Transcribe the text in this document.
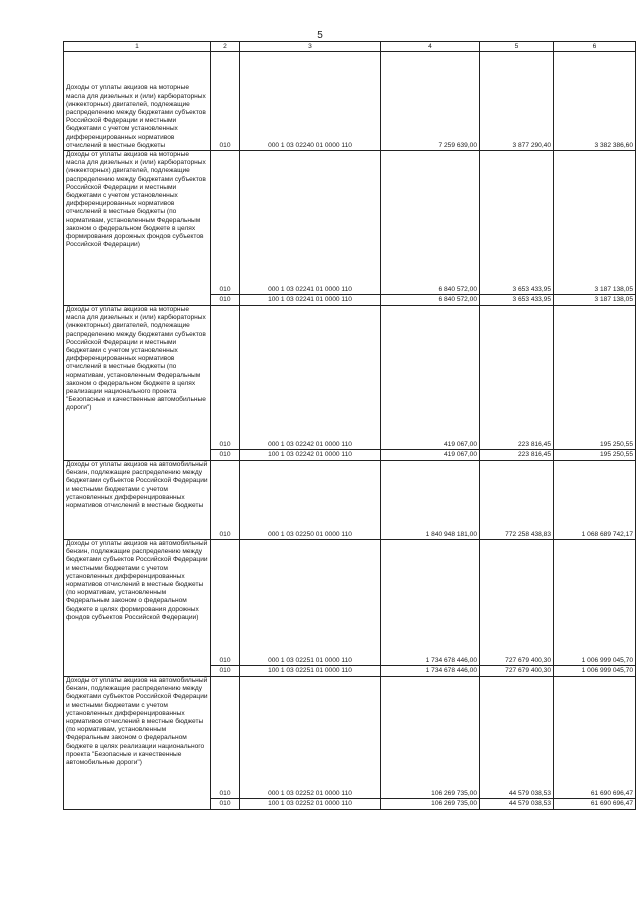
5
1	2	3	4	5	6
Доходы от уплаты акцизов на моторные масла для дизельных и (или) карбюраторных (инжекторных) двигателей, подлежащие распределению между бюджетами субъектов Российской Федерации и местными бюджетами с учетом установленных дифференцированных нормативов отчислений в местные бюджеты	010	000 1 03 02240 01 0000 110	7 259 639,00	3 877 290,40	3 382 386,60
Доходы от уплаты акцизов на моторные масла для дизельных и (или) карбюраторных (инжекторных) двигателей, подлежащие распределению между бюджетами субъектов Российской Федерации и местными бюджетами с учетом установленных дифференцированных нормативов отчислений в местные бюджеты (по нормативам, установленным Федеральным законом о федеральном бюджете в целях формирования дорожных фондов субъектов Российской Федерации)	010	000 1 03 02241 01 0000 110	6 840 572,00	3 653 433,95	3 187 138,05
	010	100 1 03 02241 01 0000 110	6 840 572,00	3 653 433,95	3 187 138,05
Доходы от уплаты акцизов на моторные масла для дизельных и (или) карбюраторных (инжекторных) двигателей, подлежащие распределению между бюджетами субъектов Российской Федерации и местными бюджетами с учетом установленных дифференцированных нормативов отчислений в местные бюджеты (по нормативам, установленным Федеральным законом о федеральном бюджете в целях реализации национального проекта "Безопасные и качественные автомобильные дороги")	010	000 1 03 02242 01 0000 110	419 067,00	223 816,45	195 250,55
	010	100 1 03 02242 01 0000 110	419 067,00	223 816,45	195 250,55
Доходы от уплаты акцизов на автомобильный бензин, подлежащие распределению между бюджетами субъектов Российской Федерации и местными бюджетами с учетом установленных дифференцированных нормативов отчислений в местные бюджеты	010	000 1 03 02250 01 0000 110	1 840 948 181,00	772 258 438,83	1 068 689 742,17
Доходы от уплаты акцизов на автомобильный бензин, подлежащие распределению между бюджетами субъектов Российской Федерации и местными бюджетами с учетом установленных дифференцированных нормативов отчислений в местные бюджеты (по нормативам, установленным Федеральным законом о федеральном бюджете в целях формирования дорожных фондов субъектов Российской Федерации)	010	000 1 03 02251 01 0000 110	1 734 678 446,00	727 679 400,30	1 006 999 045,70
	010	100 1 03 02251 01 0000 110	1 734 678 446,00	727 679 400,30	1 006 999 045,70
Доходы от уплаты акцизов на автомобильный бензин, подлежащие распределению между бюджетами субъектов Российской Федерации и местными бюджетами с учетом установленных дифференцированных нормативов отчислений в местные бюджеты (по нормативам, установленным Федеральным законом о федеральном бюджете в целях реализации национального проекта "Безопасные и качественные автомобильные дороги")	010	000 1 03 02252 01 0000 110	106 269 735,00	44 579 038,53	61 690 696,47
	010	100 1 03 02252 01 0000 110	106 269 735,00	44 579 038,53	61 690 696,47
